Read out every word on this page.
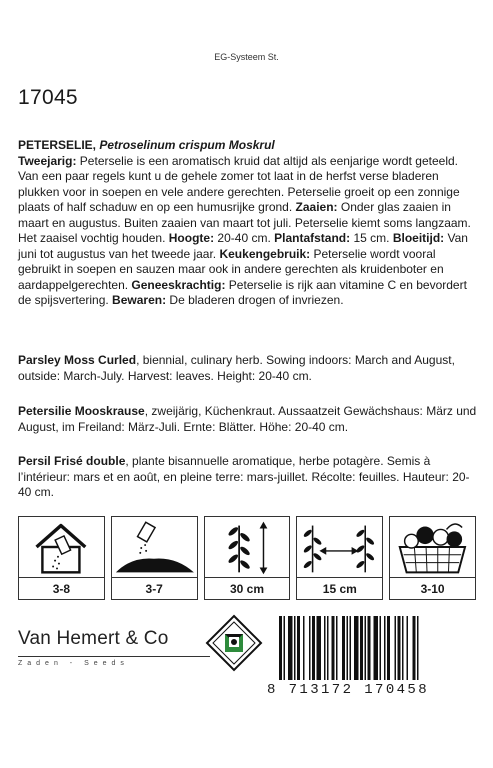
EG-Systeem St.
17045

PETERSELIE, Petroselinum crispum Moskrul
Tweejarig: Peterselie is een aromatisch kruid dat altijd als eenjarige wordt geteeld. Van een paar regels kunt u de gehele zomer tot laat in de herfst verse bladeren plukken voor in soepen en vele andere gerechten. Peterselie groeit op een zonnige plaats of half schaduw en op een humusrijke grond. Zaaien: Onder glas zaaien in maart en augustus. Buiten zaaien van maart tot juli. Peterselie kiemt soms langzaam. Het zaaisel vochtig houden. Hoogte: 20-40 cm. Plantafstand: 15 cm. Bloeitijd: Van juni tot augustus van het tweede jaar. Keukengebruik: Peterselie wordt vooral gebruikt in soepen en sauzen maar ook in andere gerechten als kruidenboter en aardappelgerechten. Geneeskrachtig: Peterselie is rijk aan vitamine C en bevordert de spijsvertering. Bewaren: De bladeren drogen of invriezen.

Parsley Moss Curled, biennial, culinary herb. Sowing indoors: March and August, outside: March-July. Harvest: leaves. Height: 20-40 cm.

Petersilie Mooskrause, zweijärig, Küchenkraut. Aussaatzeit Gewächshaus: März und August, im Freiland: März-Juli. Ernte: Blätter. Höhe: 20-40 cm.

Persil Frisé double, plante bisannuelle aromatique, herbe potagère. Semis à l’intérieur: mars et en août, en pleine terre: mars-juillet. Récolte: feuilles. Hauteur: 20-40 cm.

3-8	3-7	30 cm	15 cm	3-10
Van Hemert & Co
Zaden - Seeds
8 713172 170458
